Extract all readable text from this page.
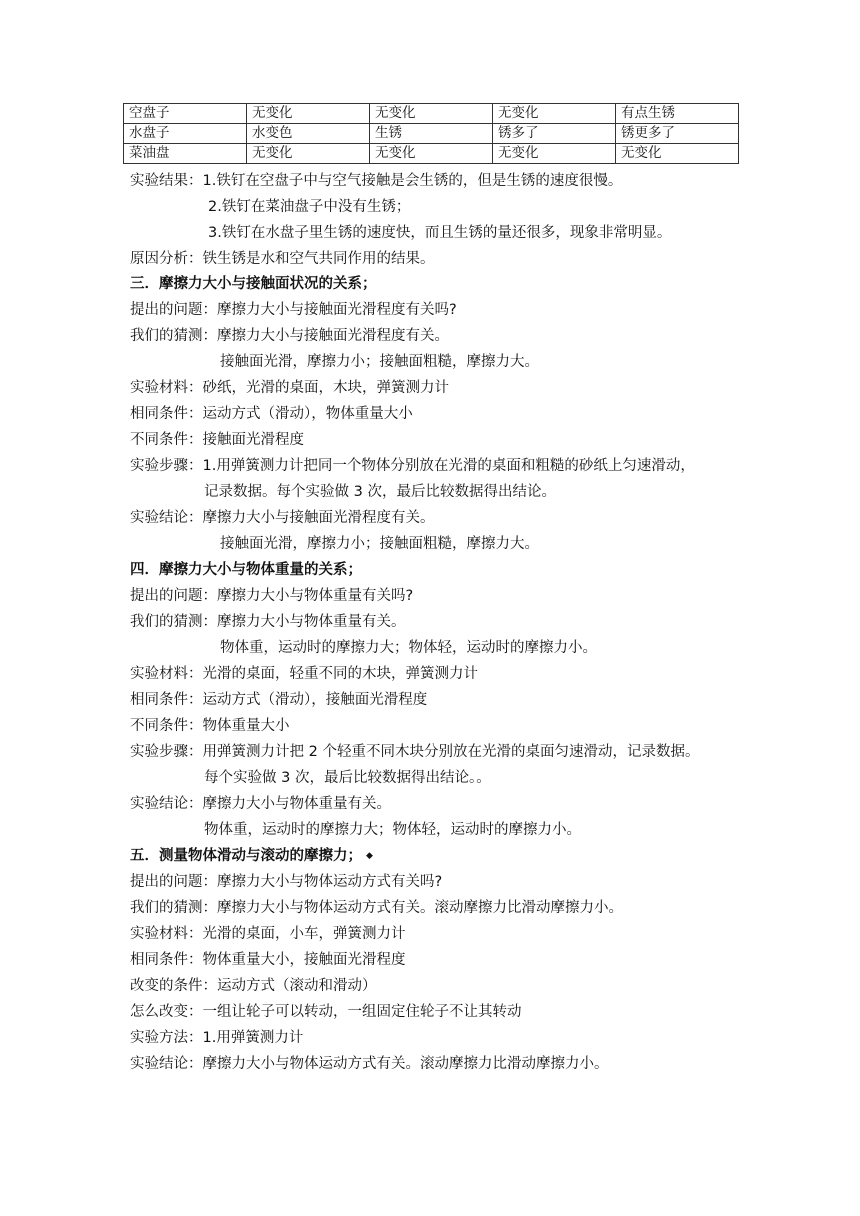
空盘子	无变化	无变化	无变化	有点生锈
水盘子	水变色	生锈	锈多了	锈更多了
菜油盘	无变化	无变化	无变化	无变化
实验结果：1.铁钉在空盘子中与空气接触是会生锈的，但是生锈的速度很慢。
2.铁钉在菜油盘子中没有生锈；
3.铁钉在水盘子里生锈的速度快，而且生锈的量还很多，现象非常明显。
原因分析：铁生锈是水和空气共同作用的结果。
三．摩擦力大小与接触面状况的关系；
提出的问题：摩擦力大小与接触面光滑程度有关吗?
我们的猜测：摩擦力大小与接触面光滑程度有关。
接触面光滑，摩擦力小；接触面粗糙，摩擦力大。
实验材料：砂纸，光滑的桌面，木块，弹簧测力计
相同条件：运动方式（滑动），物体重量大小
不同条件：接触面光滑程度
实验步骤：1.用弹簧测力计把同一个物体分别放在光滑的桌面和粗糙的砂纸上匀速滑动，
记录数据。每个实验做 3 次，最后比较数据得出结论。
实验结论：摩擦力大小与接触面光滑程度有关。
接触面光滑，摩擦力小；接触面粗糙，摩擦力大。
四．摩擦力大小与物体重量的关系；
提出的问题：摩擦力大小与物体重量有关吗?
我们的猜测：摩擦力大小与物体重量有关。
物体重，运动时的摩擦力大；物体轻，运动时的摩擦力小。
实验材料：光滑的桌面，轻重不同的木块，弹簧测力计
相同条件：运动方式（滑动），接触面光滑程度
不同条件：物体重量大小
实验步骤：用弹簧测力计把 2 个轻重不同木块分别放在光滑的桌面匀速滑动，记录数据。
每个实验做 3 次，最后比较数据得出结论。。
实验结论：摩擦力大小与物体重量有关。
物体重，运动时的摩擦力大；物体轻，运动时的摩擦力小。
五．测量物体滑动与滚动的摩擦力； ◆
提出的问题：摩擦力大小与物体运动方式有关吗?
我们的猜测：摩擦力大小与物体运动方式有关。滚动摩擦力比滑动摩擦力小。
实验材料：光滑的桌面，小车，弹簧测力计
相同条件：物体重量大小，接触面光滑程度
改变的条件：运动方式（滚动和滑动）
怎么改变：一组让轮子可以转动，一组固定住轮子不让其转动
实验方法：1.用弹簧测力计
实验结论：摩擦力大小与物体运动方式有关。滚动摩擦力比滑动摩擦力小。
